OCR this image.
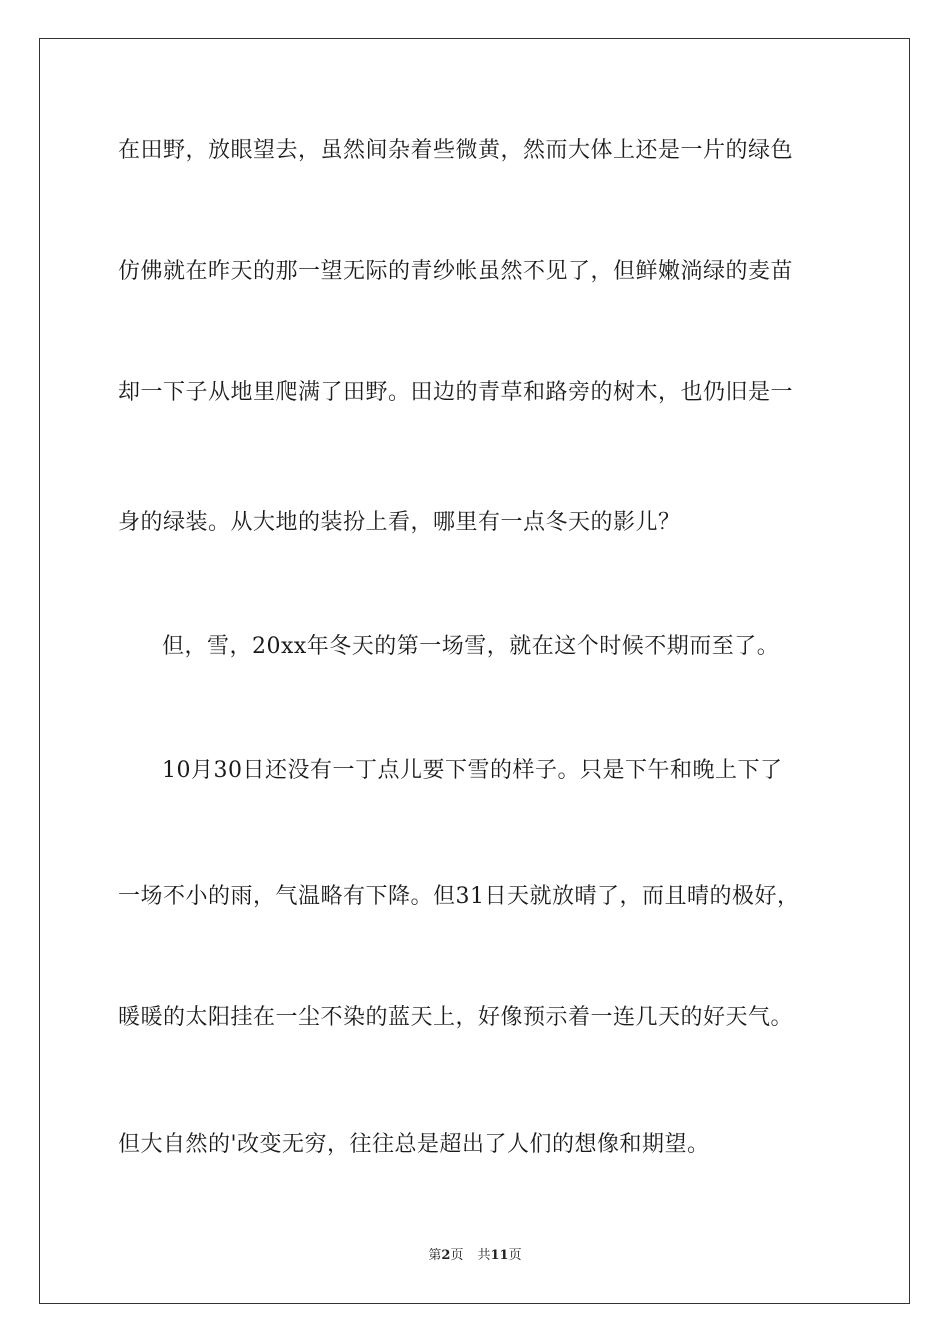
在田野，放眼望去，虽然间杂着些微黄，然而大体上还是一片的绿色
仿佛就在昨天的那一望无际的青纱帐虽然不见了，但鲜嫩淌绿的麦苗
却一下子从地里爬满了田野。田边的青草和路旁的树木，也仍旧是一
身的绿装。从大地的装扮上看，哪里有一点冬天的影儿？
但，雪，20xx年冬天的第一场雪，就在这个时候不期而至了。
10月30日还没有一丁点儿要下雪的样子。只是下午和晚上下了
一场不小的雨，气温略有下降。但31日天就放晴了，而且晴的极好，
暖暖的太阳挂在一尘不染的蓝天上，好像预示着一连几天的好天气。
但大自然的'改变无穷，往往总是超出了人们的想像和期望。
第2页 共11页
